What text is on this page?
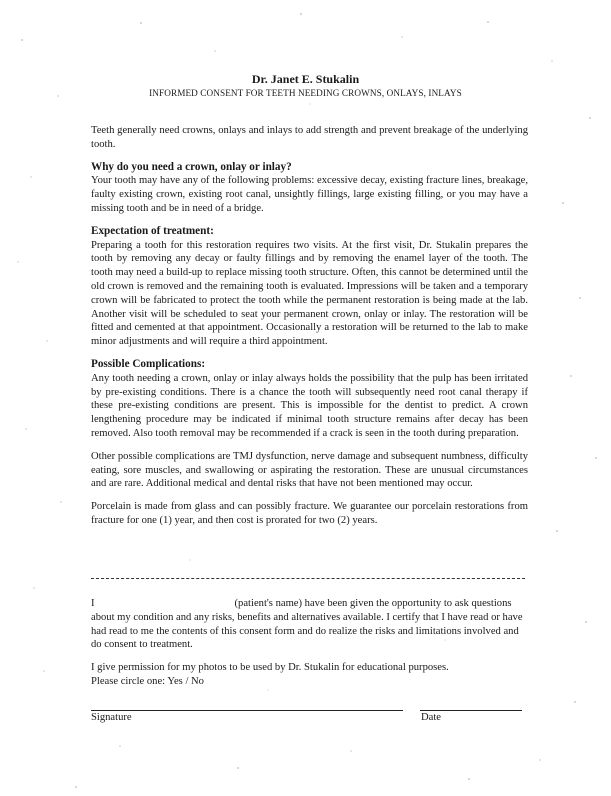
Dr. Janet E. Stukalin
INFORMED CONSENT FOR TEETH NEEDING CROWNS, ONLAYS, INLAYS

Teeth generally need crowns, onlays and inlays to add strength and prevent breakage of the underlying tooth.

Why do you need a crown, onlay or inlay?

Your tooth may have any of the following problems: excessive decay, existing fracture lines, breakage, faulty existing crown, existing root canal, unsightly fillings, large existing filling, or you may have a missing tooth and be in need of a bridge.

Expectation of treatment:

Preparing a tooth for this restoration requires two visits. At the first visit, Dr. Stukalin prepares the tooth by removing any decay or faulty fillings and by removing the enamel layer of the tooth. The tooth may need a build-up to replace missing tooth structure. Often, this cannot be determined until the old crown is removed and the remaining tooth is evaluated. Impressions will be taken and a temporary crown will be fabricated to protect the tooth while the permanent restoration is being made at the lab. Another visit will be scheduled to seat your permanent crown, onlay or inlay. The restoration will be fitted and cemented at that appointment. Occasionally a restoration will be returned to the lab to make minor adjustments and will require a third appointment.

Possible Complications:

Any tooth needing a crown, onlay or inlay always holds the possibility that the pulp has been irritated by pre-existing conditions. There is a chance the tooth will subsequently need root canal therapy if these pre-existing conditions are present. This is impossible for the dentist to predict. A crown lengthening procedure may be indicated if minimal tooth structure remains after decay has been removed. Also tooth removal may be recommended if a crack is seen in the tooth during preparation.

Other possible complications are TMJ dysfunction, nerve damage and subsequent numbness, difficulty eating, sore muscles, and swallowing or aspirating the restoration. These are unusual circumstances and are rare. Additional medical and dental risks that have not been mentioned may occur.

Porcelain is made from glass and can possibly fracture. We guarantee our porcelain restorations from fracture for one (1) year, and then cost is prorated for two (2) years.

I	(patient's name) have been given the opportunity to ask questions about my condition and any risks, benefits and alternatives available. I certify that I have read or have had read to me the contents of this consent form and do realize the risks and limitations involved and do consent to treatment.

I give permission for my photos to be used by Dr. Stukalin for educational purposes.
Please circle one: Yes / No

Signature	Date
